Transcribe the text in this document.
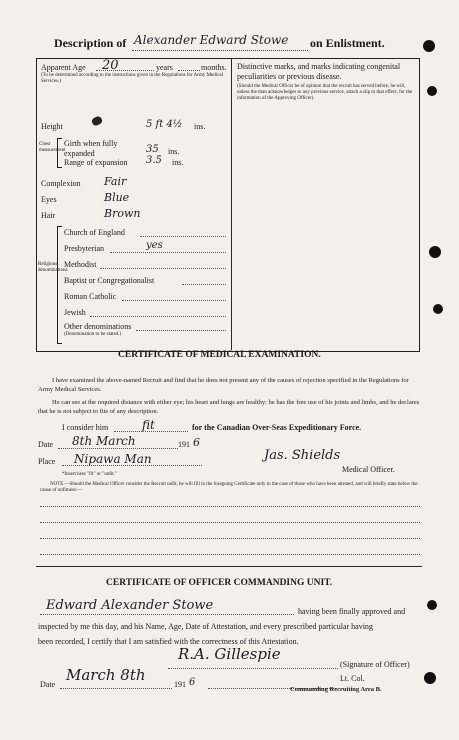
Description of Alexander Edward Stowe on Enlistment.
Apparent Age 20	years	months.
(To be determined according to the instructions given in the Regulations for Army Medical Services.)
Height	5 ft 4½ ins.
Chest measurement
Girth when fully expanded	35 ins.
Range of expansion 3.5 ins.
Complexion Fair
Eyes	Blue
Hair	Brown
Religious denominations
Church of England
Presbyterian	yes
Methodist
Baptist or Congregationalist
Roman Catholic
Jewish
Other denominations
(Denomination to be stated.)
Distinctive marks, and marks indicating congenital peculiarities or previous disease.
(Should the Medical Officer be of opinion that the recruit has served before, he will, unless the man acknowledges to any previous service, attach a slip to that effect, for the information of the Approving Officer).
CERTIFICATE OF MEDICAL EXAMINATION.
I have examined the above-named Recruit and find that he does not present any of the causes of rejection specified in the Regulations for Army Medical Services.
He can see at the required distance with either eye; his heart and lungs are healthy; he has the free use of his joints and limbs, and he declares that he is not subject to fits of any description.
I consider him	fit	for the Canadian Over-Seas Expeditionary Force.
Date 8th March	191 6
Place Nipawa Man	Jas. Shields
Medical Officer.
*Insert here "fit" or "unfit."
NOTE.—Should the Medical Officer consider the Recruit unfit, he will fill in the foregoing Certificate only in the case of those who have been attested, and will briefly state below the cause of unfitness:—
CERTIFICATE OF OFFICER COMMANDING UNIT.
Edward Alexander Stowe	having been finally approved and
inspected by me this day, and his Name, Age, Date of Attestation, and every prescribed particular having
been recorded, I certify that I am satisfied with the correctness of this Attestation.
R.A. Gillespie
(Signature of Officer)
Date
March 8th
191 6	Lt. Col.
Commanding Recruiting Area B.
